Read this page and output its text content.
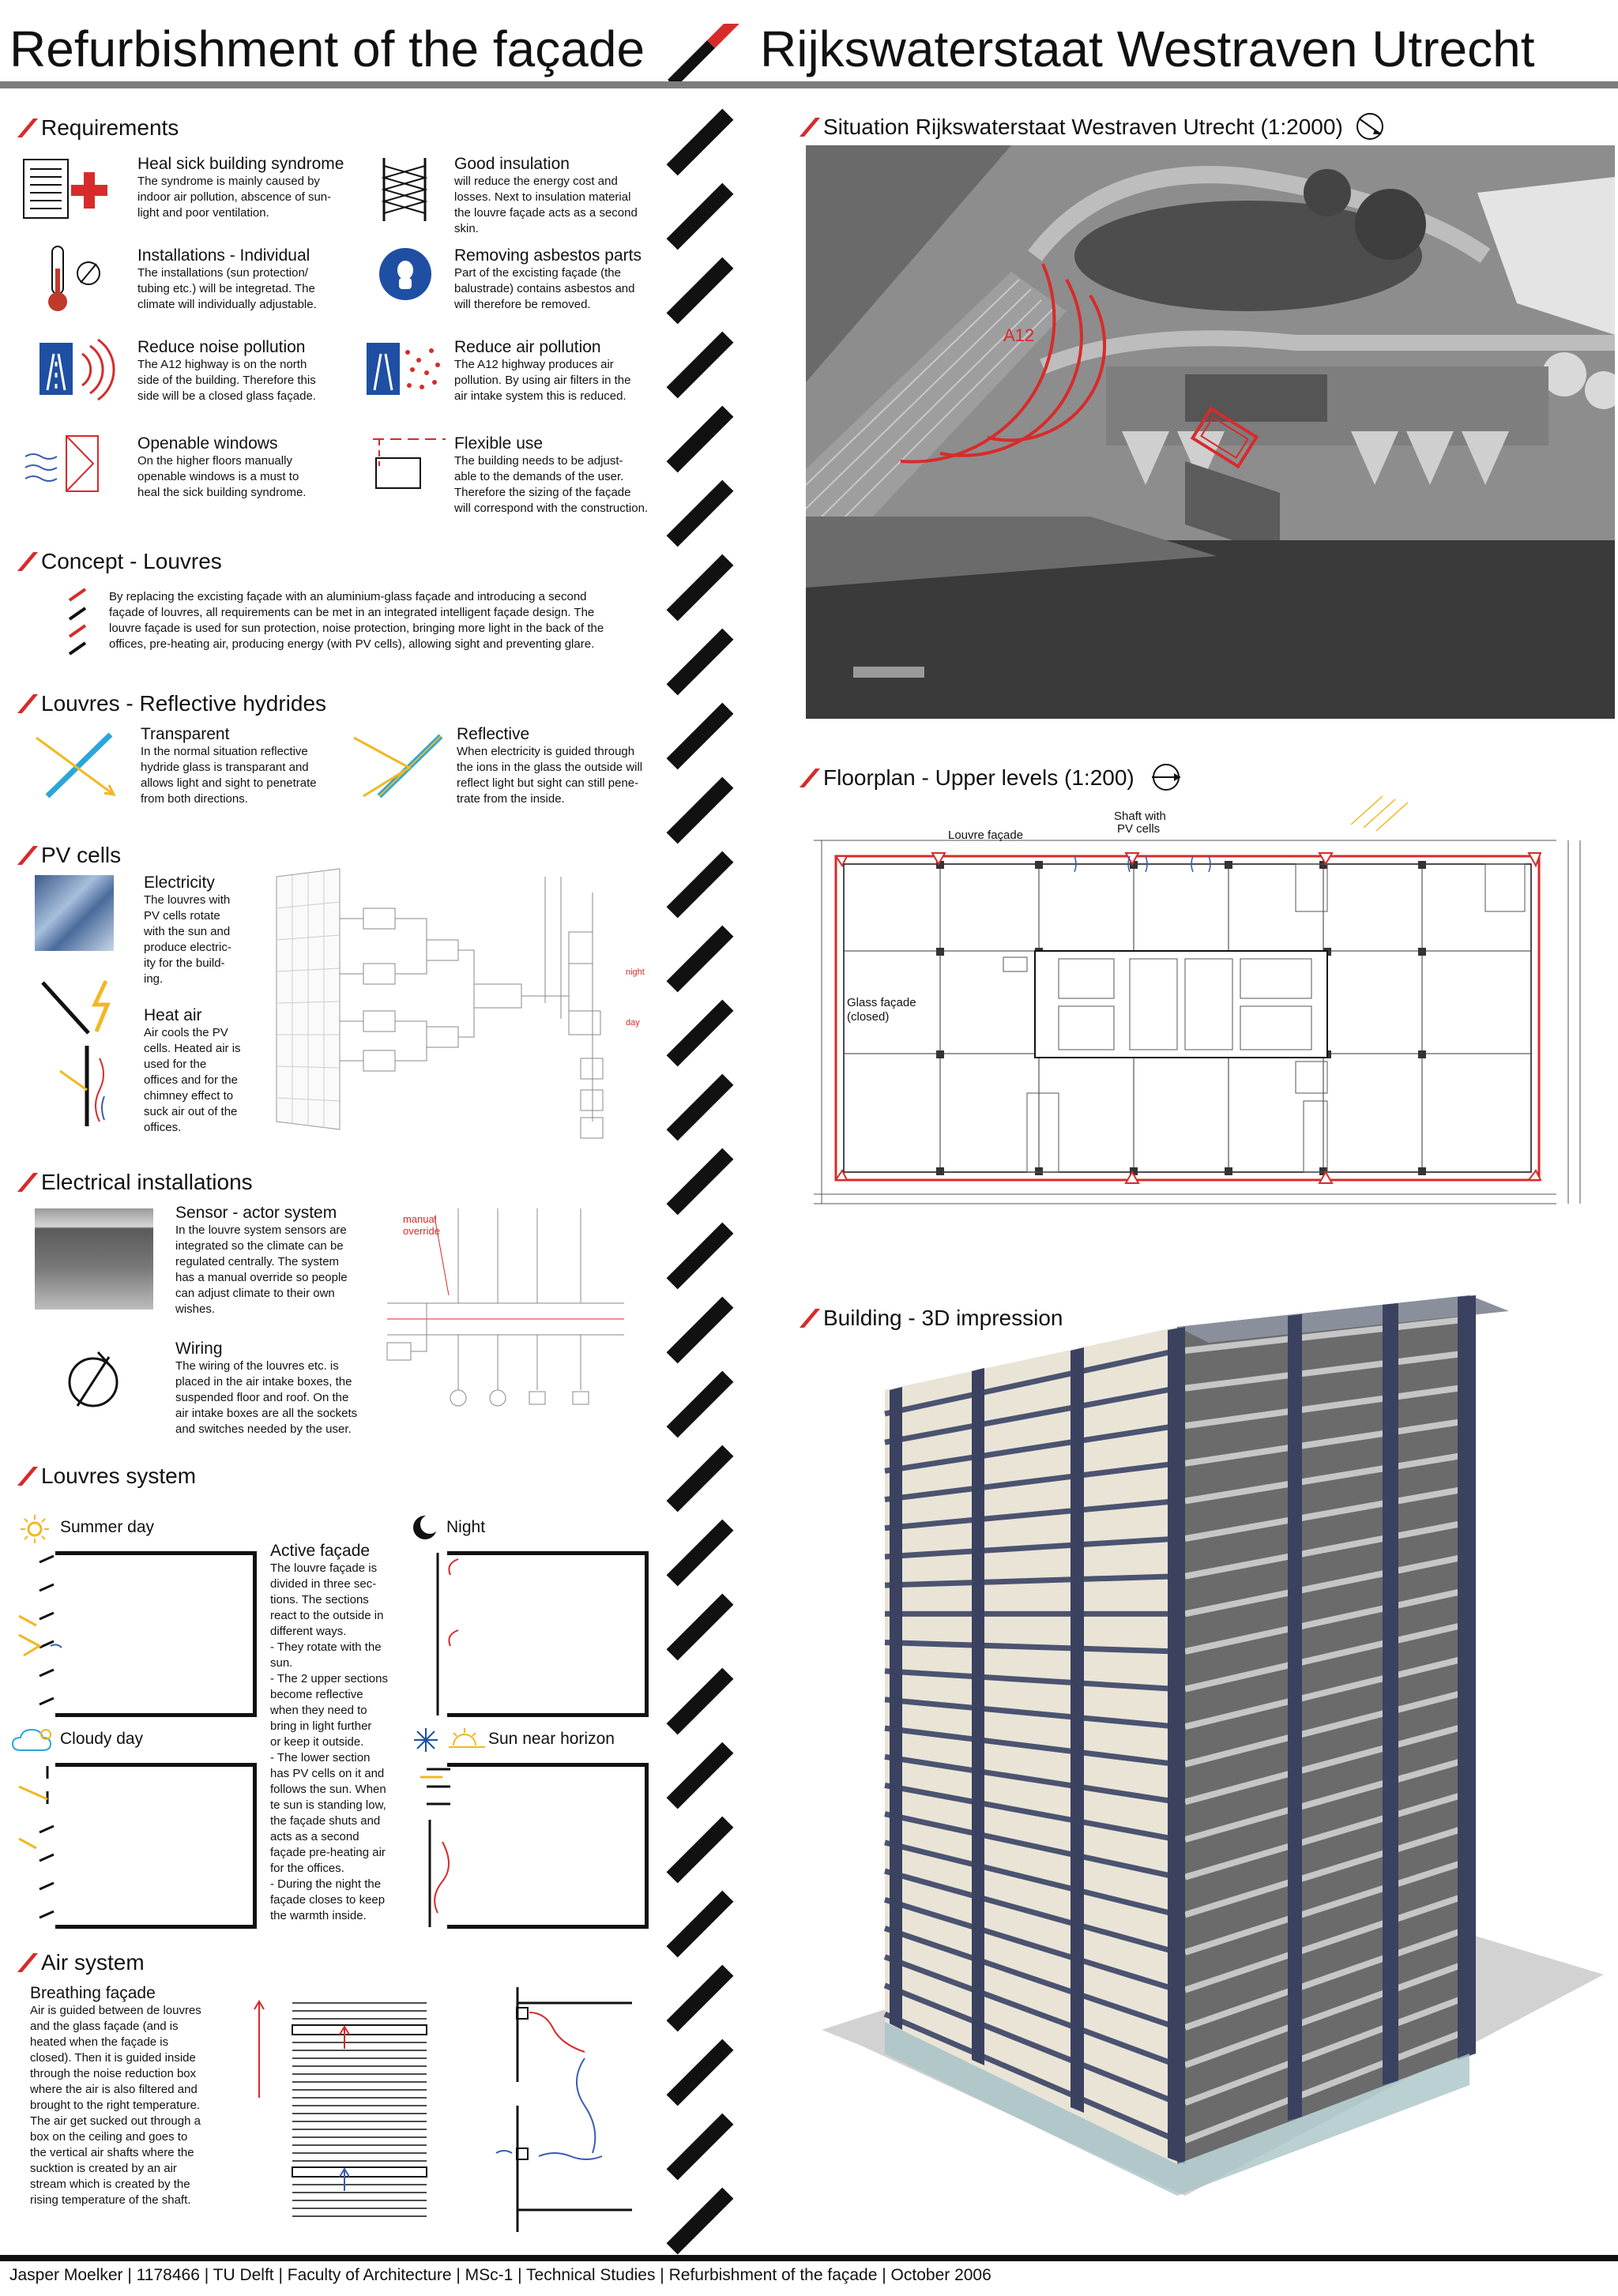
Refurbishment of the façade Rijkswaterstaat Westraven Utrecht
Requirements
Heal sick building syndrome
The syndrome is mainly caused by
indoor air pollution, abscence of sun-
light and poor ventilation.
Good insulation
will reduce the energy cost and
losses. Next to insulation material
the louvre façade acts as a second
skin.
Installations - Individual
The installations (sun protection/
tubing etc.) will be integretad. The
climate will individually adjustable.
Removing asbestos parts
Part of the excisting façade (the
balustrade) contains asbestos and
will therefore be removed.
Reduce noise pollution
The A12 highway is on the north
side of the building. Therefore this
side will be a closed glass façade.
Reduce air pollution
The A12 highway produces air
pollution. By using air filters in the
air intake system this is reduced.
Openable windows
On the higher floors manually
openable windows is a must to
heal the sick building syndrome.
Flexible use
The building needs to be adjust-
able to the demands of the user.
Therefore the sizing of the façade
will correspond with the construction.
Concept - Louvres
By replacing the excisting façade with an aluminium-glass façade and introducing a second
façade of louvres, all requirements can be met in an integrated intelligent façade design. The
louvre façade is used for sun protection, noise protection, bringing more light in the back of the
offices, pre-heating air, producing energy (with PV cells), allowing sight and preventing glare.
Louvres - Reflective hydrides
Transparent
In the normal situation reflective
hydride glass is transparant and
allows light and sight to penetrate
from both directions.
Reflective
When electricity is guided through
the ions in the glass the outside will
reflect light but sight can still pene-
trate from the inside.
PV cells
Electricity
The louvres with
PV cells rotate
with the sun and
produce electric-
ity for the build-
ing.
Heat air
Air cools the PV
cells. Heated air is
used for the
offices and for the
chimney effect to
suck air out of the
offices.
night
day
Electrical installations
Sensor - actor system
In the louvre system sensors are
integrated so the climate can be
regulated centrally. The system
has a manual override so people
can adjust climate to their own
wishes.
Wiring
The wiring of the louvres etc. is
placed in the air intake boxes, the
suspended floor and roof. On the
air intake boxes are all the sockets
and switches needed by the user.
manual override
Louvres system
Summer day	Night
Cloudy day	Sun near horizon
Active façade
The louvre façade is
divided in three sec-
tions. The sections
react to the outside in
different ways.
- They rotate with the
sun.
- The 2 upper sections
become reflective
when they need to
bring in light further
or keep it outside.
- The lower section
has PV cells on it and
follows the sun. When
te sun is standing low,
the façade shuts and
acts as a second
façade pre-heating air
for the offices.
- During the night the
façade closes to keep
the warmth inside.
Air system
Breathing façade
Air is guided between de louvres
and the glass façade (and is
heated when the façade is
closed). Then it is guided inside
through the noise reduction box
where the air is also filtered and
brought to the right temperature.
The air get sucked out through a
box on the ceiling and goes to
the vertical air shafts where the
sucktion is created by an air
stream which is created by the
rising temperature of the shaft.
Situation Rijkswaterstaat Westraven Utrecht (1:2000)
A12
Floorplan - Upper levels (1:200)
Louvre façade
Shaft with PV cells
Glass façade (closed)
Building - 3D impression
Jasper Moelker | 1178466 | TU Delft | Faculty of Architecture | MSc-1 | Technical Studies | Refurbishment of the façade | October 2006
